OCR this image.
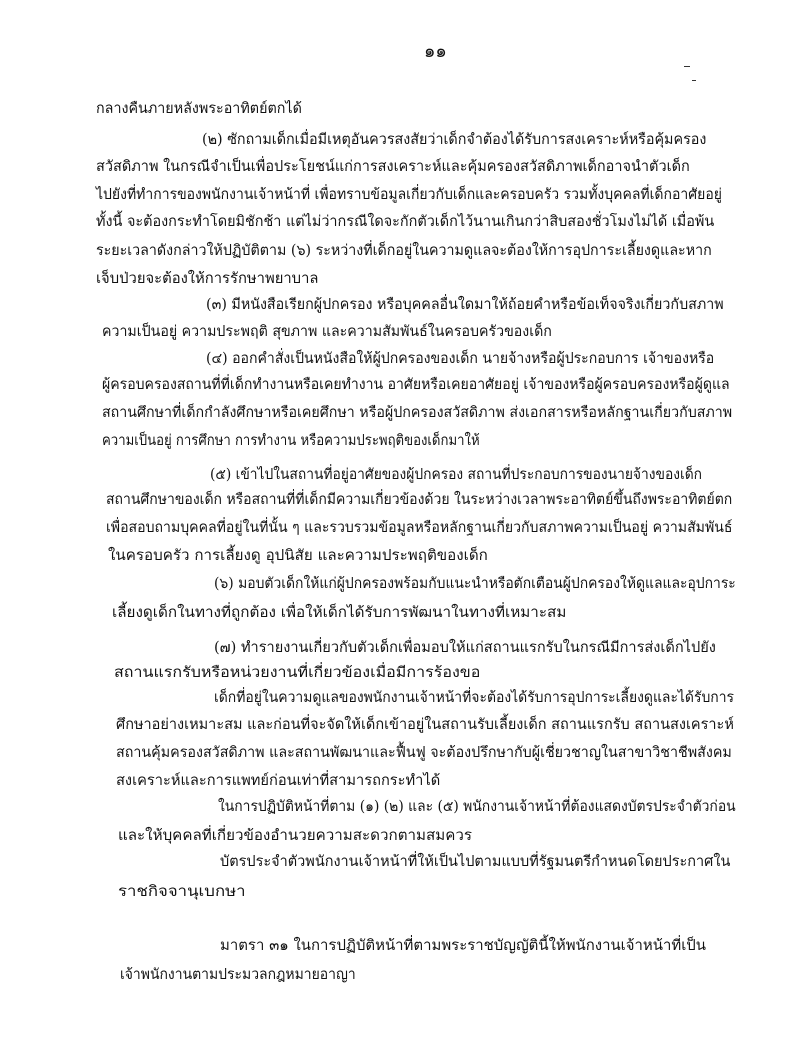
๑๑
กลางคืนภายหลังพระอาทิตย์ตกได้
(๒) ซักถามเด็กเมื่อมีเหตุอันควรสงสัยว่าเด็กจำต้องได้รับการสงเคราะห์หรือคุ้มครอง
สวัสดิภาพ ในกรณีจำเป็นเพื่อประโยชน์แก่การสงเคราะห์และคุ้มครองสวัสดิภาพเด็กอาจนำตัวเด็ก
ไปยังที่ทำการของพนักงานเจ้าหน้าที่ เพื่อทราบข้อมูลเกี่ยวกับเด็กและครอบครัว รวมทั้งบุคคลที่เด็กอาศัยอยู่
ทั้งนี้ จะต้องกระทำโดยมิชักช้า แต่ไม่ว่ากรณีใดจะกักตัวเด็กไว้นานเกินกว่าสิบสองชั่วโมงไม่ได้ เมื่อพ้น
ระยะเวลาดังกล่าวให้ปฏิบัติตาม (๖) ระหว่างที่เด็กอยู่ในความดูแลจะต้องให้การอุปการะเลี้ยงดูและหาก
เจ็บป่วยจะต้องให้การรักษาพยาบาล
(๓) มีหนังสือเรียกผู้ปกครอง หรือบุคคลอื่นใดมาให้ถ้อยคำหรือข้อเท็จจริงเกี่ยวกับสภาพ
ความเป็นอยู่ ความประพฤติ สุขภาพ และความสัมพันธ์ในครอบครัวของเด็ก
(๔) ออกคำสั่งเป็นหนังสือให้ผู้ปกครองของเด็ก นายจ้างหรือผู้ประกอบการ เจ้าของหรือ
ผู้ครอบครองสถานที่ที่เด็กทำงานหรือเคยทำงาน อาศัยหรือเคยอาศัยอยู่ เจ้าของหรือผู้ครอบครองหรือผู้ดูแล
สถานศึกษาที่เด็กกำลังศึกษาหรือเคยศึกษา หรือผู้ปกครองสวัสดิภาพ ส่งเอกสารหรือหลักฐานเกี่ยวกับสภาพ
ความเป็นอยู่ การศึกษา การทำงาน หรือความประพฤติของเด็กมาให้
(๕) เข้าไปในสถานที่อยู่อาศัยของผู้ปกครอง สถานที่ประกอบการของนายจ้างของเด็ก
สถานศึกษาของเด็ก หรือสถานที่ที่เด็กมีความเกี่ยวข้องด้วย ในระหว่างเวลาพระอาทิตย์ขึ้นถึงพระอาทิตย์ตก
เพื่อสอบถามบุคคลที่อยู่ในที่นั้น ๆ และรวบรวมข้อมูลหรือหลักฐานเกี่ยวกับสภาพความเป็นอยู่ ความสัมพันธ์
ในครอบครัว การเลี้ยงดู อุปนิสัย และความประพฤติของเด็ก
(๖) มอบตัวเด็กให้แก่ผู้ปกครองพร้อมกับแนะนำหรือตักเตือนผู้ปกครองให้ดูแลและอุปการะ
เลี้ยงดูเด็กในทางที่ถูกต้อง เพื่อให้เด็กได้รับการพัฒนาในทางที่เหมาะสม
(๗) ทำรายงานเกี่ยวกับตัวเด็กเพื่อมอบให้แก่สถานแรกรับในกรณีมีการส่งเด็กไปยัง
สถานแรกรับหรือหน่วยงานที่เกี่ยวข้องเมื่อมีการร้องขอ
เด็กที่อยู่ในความดูแลของพนักงานเจ้าหน้าที่จะต้องได้รับการอุปการะเลี้ยงดูและได้รับการ
ศึกษาอย่างเหมาะสม และก่อนที่จะจัดให้เด็กเข้าอยู่ในสถานรับเลี้ยงเด็ก สถานแรกรับ สถานสงเคราะห์
สถานคุ้มครองสวัสดิภาพ และสถานพัฒนาและฟื้นฟู จะต้องปรึกษากับผู้เชี่ยวชาญในสาขาวิชาชีพสังคม
สงเคราะห์และการแพทย์ก่อนเท่าที่สามารถกระทำได้
ในการปฏิบัติหน้าที่ตาม (๑) (๒) และ (๕) พนักงานเจ้าหน้าที่ต้องแสดงบัตรประจำตัวก่อน
และให้บุคคลที่เกี่ยวข้องอำนวยความสะดวกตามสมควร
บัตรประจำตัวพนักงานเจ้าหน้าที่ให้เป็นไปตามแบบที่รัฐมนตรีกำหนดโดยประกาศใน
ราชกิจจานุเบกษา
มาตรา ๓๑ ในการปฏิบัติหน้าที่ตามพระราชบัญญัตินี้ให้พนักงานเจ้าหน้าที่เป็น
เจ้าพนักงานตามประมวลกฎหมายอาญา
